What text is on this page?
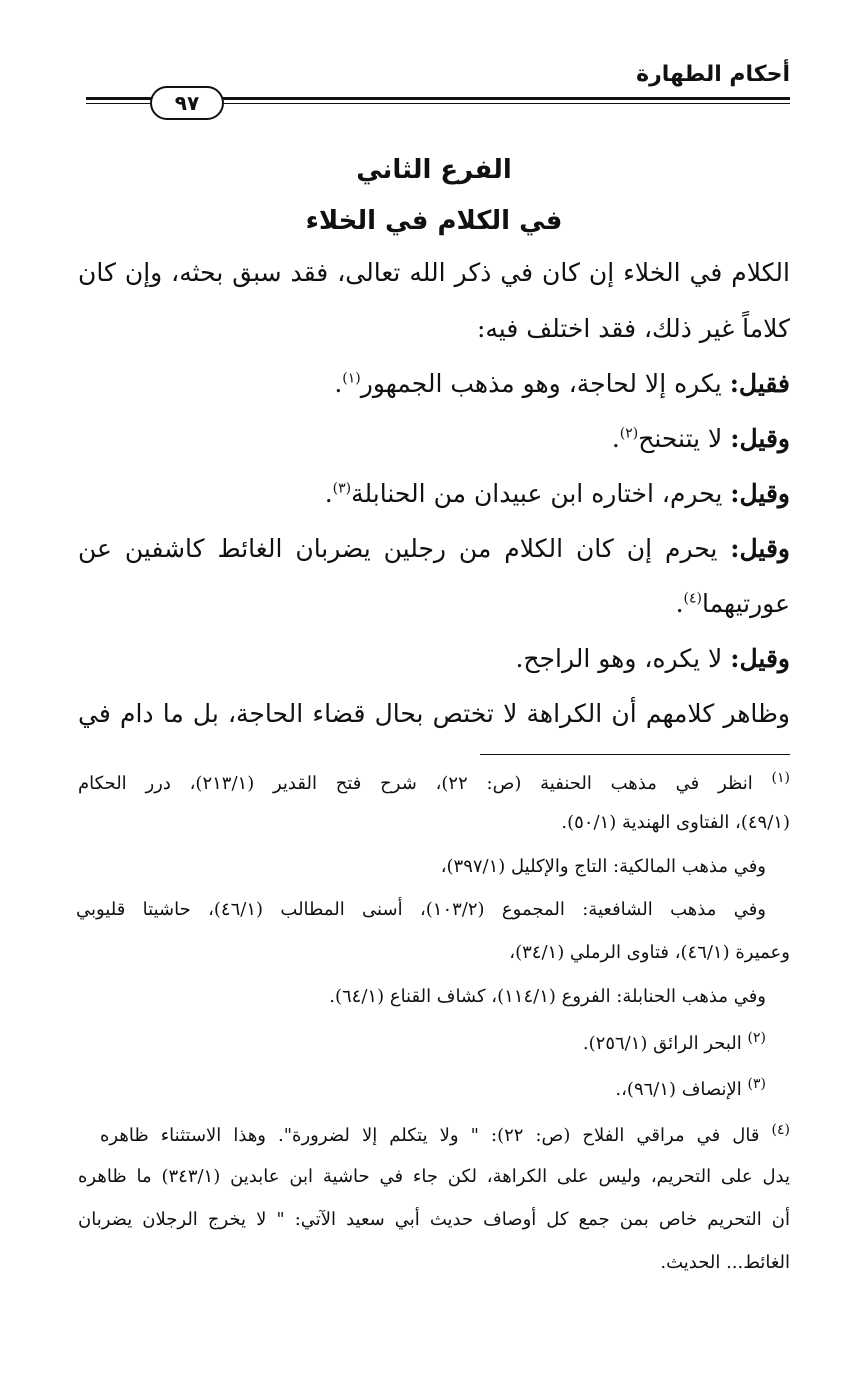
أحكام الطهارة
٩٧
الفرع الثاني
في الكلام في الخلاء
الكلام في الخلاء إن كان في ذكر الله تعالى، فقد سبق بحثه، وإن كان
كلاماً غير ذلك، فقد اختلف فيه:
فقيل: يكره إلا لحاجة، وهو مذهب الجمهور$^{(١)}$.
وقيل: لا يتنحنح$^{(٢)}$.
وقيل: يحرم، اختاره ابن عبيدان من الحنابلة$^{(٣)}$.
وقيل: يحرم إن كان الكلام من رجلين يضربان الغائط كاشفين عن
عورتيهما$^{(٤)}$.
وقيل: لا يكره، وهو الراجح.
وظاهر كلامهم أن الكراهة لا تختص بحال قضاء الحاجة، بل ما دام في
$^{(١)}$ انظر في مذهب الحنفية (ص: ٢٢)، شرح فتح القدير (٢١٣/١)، درر الحكام
(٤٩/١)، الفتاوى الهندية (٥٠/١).
وفي مذهب المالكية: التاج والإكليل (٣٩٧/١)،
وفي مذهب الشافعية: المجموع (١٠٣/٢)، أسنى المطالب (٤٦/١)، حاشيتا قليوبي
وعميرة (٤٦/١)، فتاوى الرملي (٣٤/١)،
وفي مذهب الحنابلة: الفروع (١١٤/١)، كشاف القناع (٦٤/١).
$^{(٢)}$ البحر الرائق (٢٥٦/١).
$^{(٣)}$ الإنصاف (٩٦/١)،.
$^{(٤)}$ قال في مراقي الفلاح (ص: ٢٢): " ولا يتكلم إلا لضرورة". وهذا الاستثناء ظاهره
يدل على التحريم، وليس على الكراهة، لكن جاء في حاشية ابن عابدين (٣٤٣/١) ما ظاهره
أن التحريم خاص بمن جمع كل أوصاف حديث أبي سعيد الآتي: " لا يخرج الرجلان يضربان
الغائط... الحديث.
